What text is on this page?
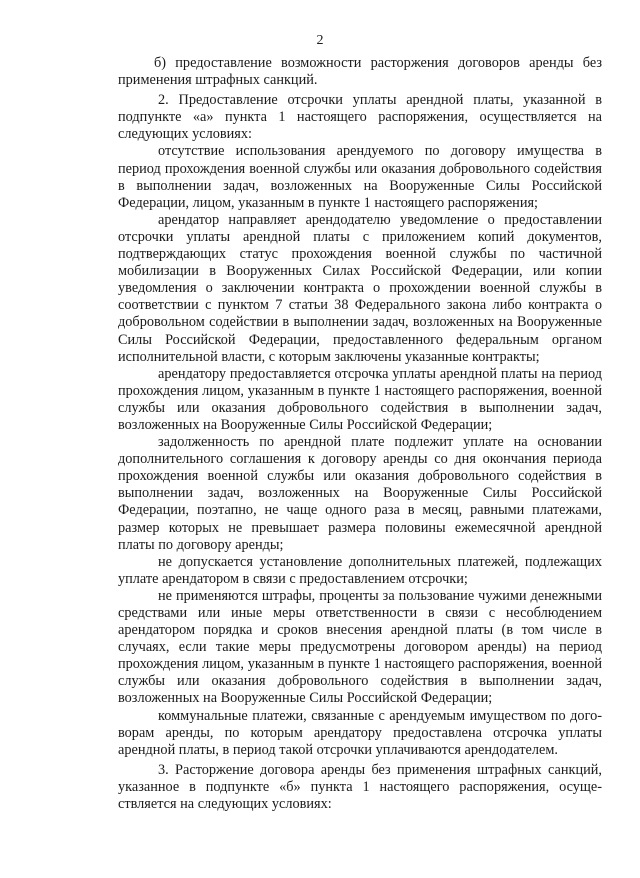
2

б) предоставление возможности расторжения договоров аренды без применения штрафных санкций.

2. Предоставление отсрочки уплаты арендной платы, указанной в подпункте «а» пункта 1 настоящего распоряжения, осуществляется на следующих условиях:

отсутствие использования арендуемого по договору имущества в период прохождения военной службы или оказания добровольного содействия в выполнении задач, возложенных на Вооруженные Силы Российской Федерации, лицом, указанным в пункте 1 настоящего распоряжения;

арендатор направляет арендодателю уведомление о предоставлении отсрочки уплаты арендной платы с приложением копий документов, подтверждающих статус прохождения военной службы по частичной мобилизации в Вооруженных Силах Российской Федерации, или копии уведомления о заключении контракта о прохождении военной службы в соответствии с пунктом 7 статьи 38 Федерального закона либо контракта о добровольном содействии в выполнении задач, возложенных на Вооруженные Силы Российской Федерации, предоставленного федеральным органом исполнительной власти, с которым заключены указанные контракты;

арендатору предоставляется отсрочка уплаты арендной платы на период прохождения лицом, указанным в пункте 1 настоящего распоряжения, военной службы или оказания добровольного содействия в выполнении задач, возложенных на Вооруженные Силы Российской Федерации;

задолженность по арендной плате подлежит уплате на основании дополнительного соглашения к договору аренды со дня окончания периода прохождения военной службы или оказания добровольного содействия в выполнении задач, возложенных на Вооруженные Силы Российской Федерации, поэтапно, не чаще одного раза в месяц, равными платежами, размер которых не превышает размера половины ежемесячной арендной платы по договору аренды;

не допускается установление дополнительных платежей, подлежащих уплате арендатором в связи с предоставлением отсрочки;

не применяются штрафы, проценты за пользование чужими денежными средствами или иные меры ответственности в связи с несоблюдением арендатором порядка и сроков внесения арендной платы (в том числе в случаях, если такие меры предусмотрены договором аренды) на период прохождения лицом, указанным в пункте 1 настоящего распоряжения, военной службы или оказания добровольного содействия в выполнении задач, возложенных на Вооруженные Силы Российской Федерации;

коммунальные платежи, связанные с арендуемым имуществом по договорам аренды, по которым арендатору предоставлена отсрочка уплаты арендной платы, в период такой отсрочки уплачиваются арендодателем.

3. Расторжение договора аренды без применения штрафных санкций, указанное в подпункте «б» пункта 1 настоящего распоряжения, осуществляется на следующих условиях:
